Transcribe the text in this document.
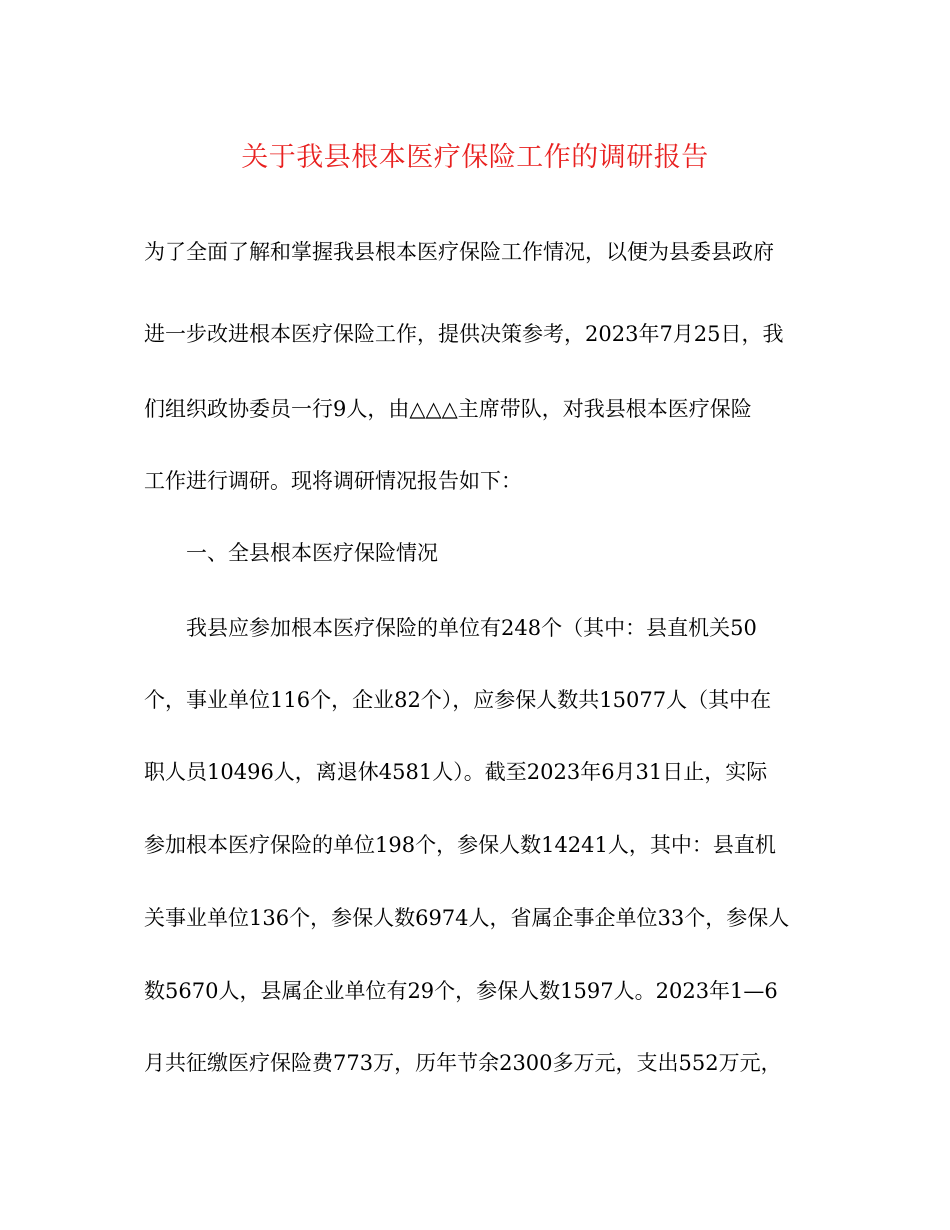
关于我县根本医疗保险工作的调研报告
为了全面了解和掌握我县根本医疗保险工作情况，以便为县委县政府
进一步改进根本医疗保险工作，提供决策参考，2023年7月25日，我
们组织政协委员一行9人，由△△△主席带队，对我县根本医疗保险
工作进行调研。现将调研情况报告如下：
一、全县根本医疗保险情况
我县应参加根本医疗保险的单位有248个（其中：县直机关50
个，事业单位116个，企业82个），应参保人数共15077人（其中在
职人员10496人，离退休4581人）。截至2023年6月31日止，实际
参加根本医疗保险的单位198个，参保人数14241人，其中：县直机
关事业单位136个，参保人数6974人，省属企事企单位33个，参保人
数5670人，县属企业单位有29个，参保人数1597人。2023年1—6
月共征缴医疗保险费773万，历年节余2300多万元，支出552万元，
